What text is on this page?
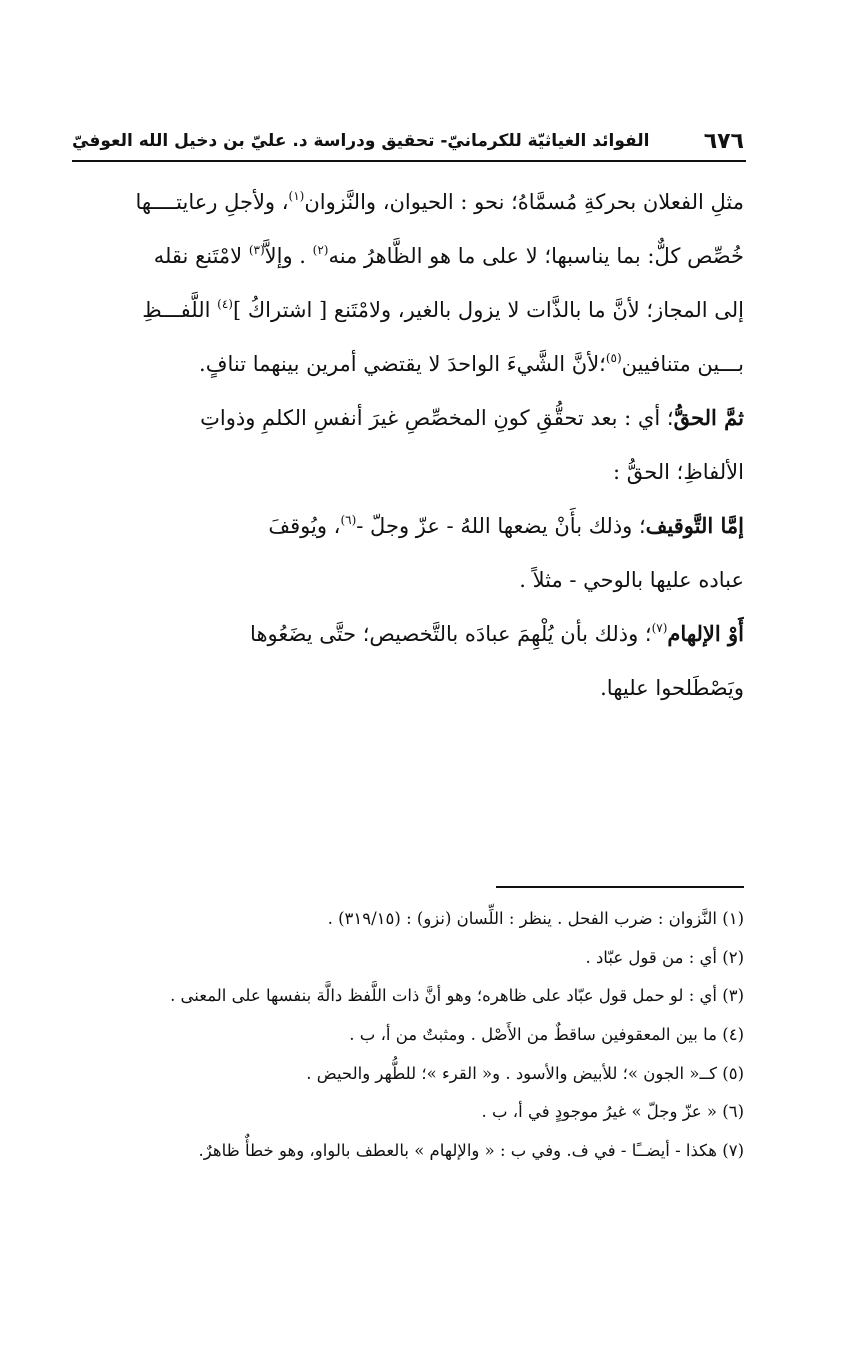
الفوائد الغياثيّة للكرمانيّ- تحقيق ودراسة د. عليّ بن دخيل الله العوفيّ ٦٧٦
مثلِ الفعلان بحركةِ مُسمَّاهُ؛ نحو : الحيوان، والنَّزوان$^{(١)}$، ولأجلِ رعايتــــها
خُصِّص كلٌّ: بما يناسبها؛ لا على ما هو الظَّاهرُ منه$^{(٢)}$ . وإلاَّ$^{(٣)}$ لامْتَنع نقله
إلى المجاز؛ لأنَّ ما بالذَّات لا يزول بالغير، ولامْتَنع [ اشتراكُ ]$^{(٤)}$ اللَّفـــظِ
بـــين متنافيين$^{(٥)}$؛لأنَّ الشَّيءَ الواحدَ لا يقتضي أمرين بينهما تنافٍ.
ثمَّ الحقُّ؛ أي : بعد تحقُّقِ كونِ المخصِّصِ غيرَ أنفسِ الكلمِ وذواتِ
الألفاظِ؛ الحقُّ :
إمَّا التَّوقيف؛ وذلك بأَنْ يضعها اللهُ - عزّ وجلّ -$^{(٦)}$، ويُوقفَ
عباده عليها بالوحي - مثلاً .
أَوْ الإلهام$^{(٧)}$؛ وذلك بأن يُلْهِمَ عبادَه بالتَّخصيص؛ حتَّى يضَعُوها
ويَصْطَلحوا عليها.
(١) النَّزوان : ضرب الفحل . ينظر : اللِّسان (نزو) : (٣١٩/١٥) .
(٢) أي : من قول عبّاد .
(٣) أي : لو حمل قول عبّاد على ظاهره؛ وهو أنَّ ذات اللَّفظ دالَّة بنفسها على المعنى .
(٤) ما بين المعقوفين ساقطٌ من الأَصْل . ومثبتٌ من أ، ب .
(٥) كــ« الجون »؛ للأبيض والأسود . و« القرء »؛ للطُّهر والحيض .
(٦) « عزّ وجلّ » غيرُ موجودٍ في أ، ب .
(٧) هكذا - أيضــًا - في ف. وفي ب : « والإلهام » بالعطف بالواو، وهو خطأٌ ظاهرٌ.
